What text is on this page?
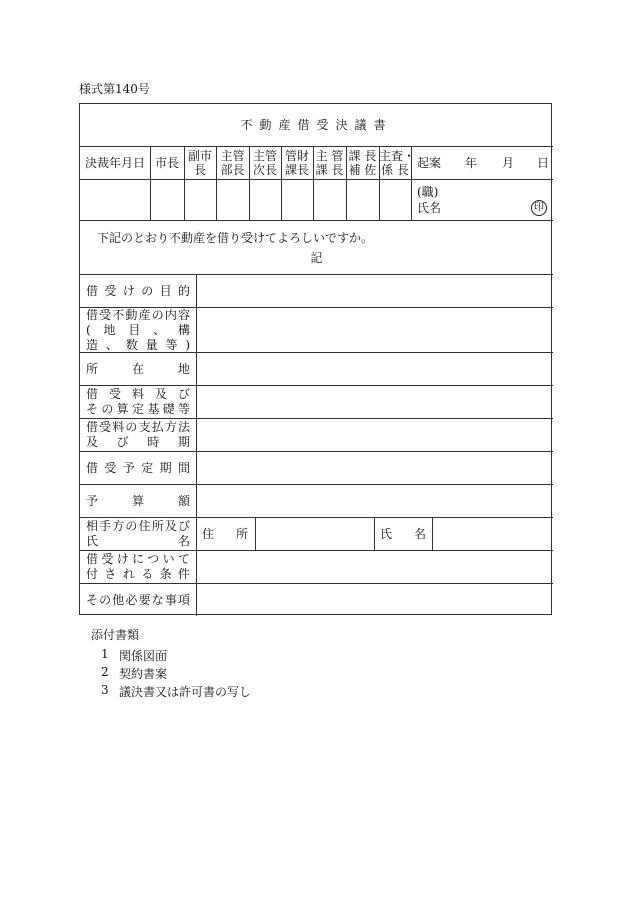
様式第140号
不動産借受決議書
決裁年月日 市長 副市
長
主管
部長
主管
次長
管財
課長
主 管
課 長
課 長
補 佐
主査・
係 長 起案 年 月 日
(職)
氏名	印
下記のとおり不動産を借り受けてよろしいですか。
記
借受けの目的
借受不動産の内容
(地目、構
造、数量等)
所在地
借受料及び
その算定基礎等
借受料の支払方法
及び時期
借受予定期間
予算額
相手方の住所及び
氏名 住所	氏名
借受けについて
付される条件
その他必要な事項
添付書類
1 関係図面
2 契約書案
3 議決書又は許可書の写し
